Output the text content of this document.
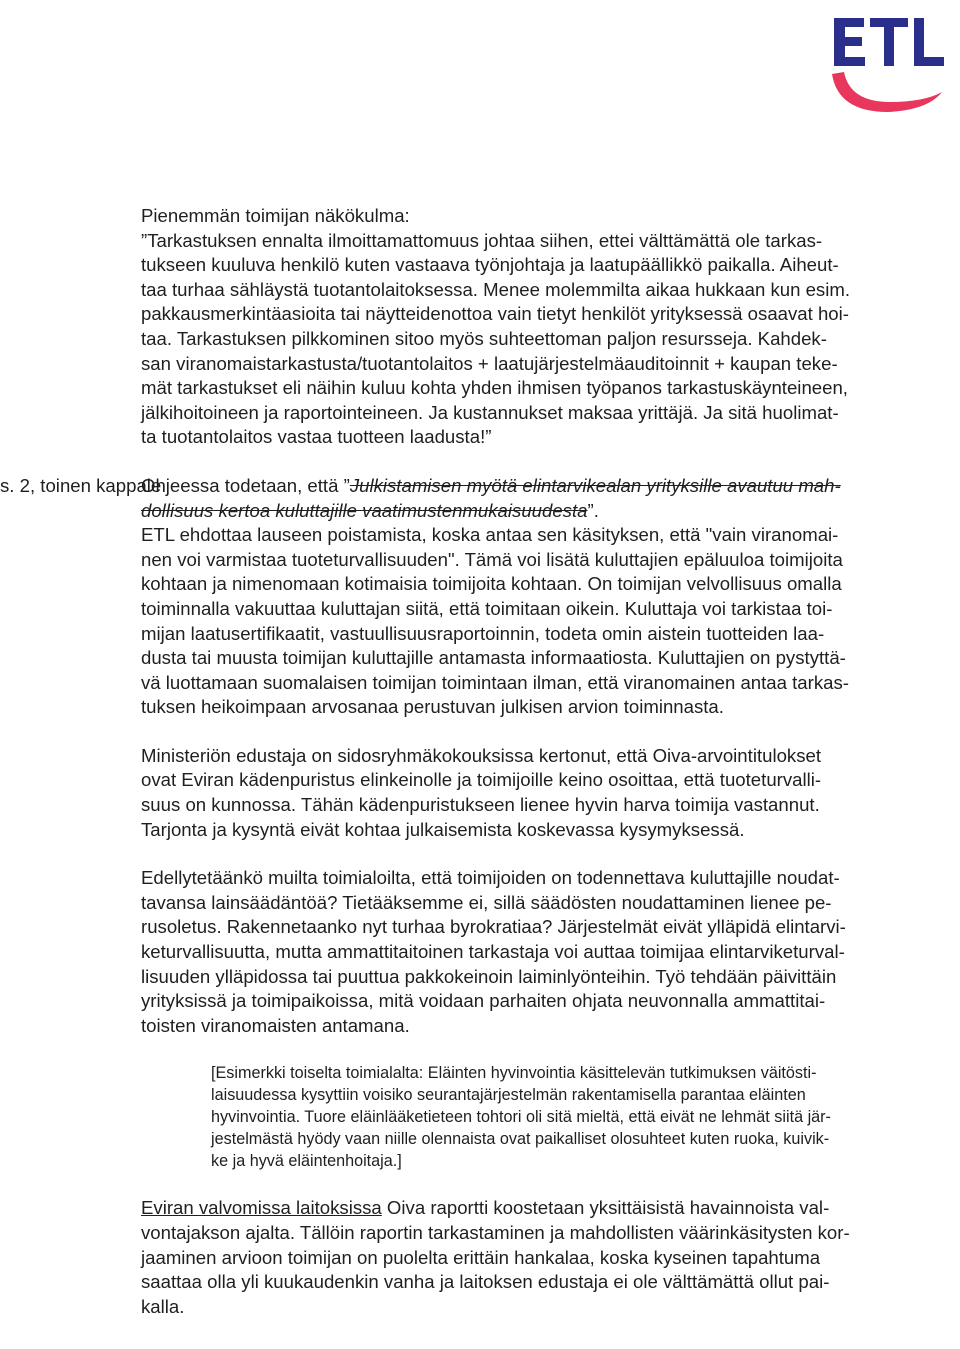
Pienemmän toimijan näkökulma:

”Tarkastuksen ennalta ilmoittamattomuus johtaa siihen, ettei välttämättä ole tarkas-

tukseen kuuluva henkilö kuten vastaava työnjohtaja ja laatupäällikkö paikalla. Aiheut-

taa turhaa sähläystä tuotantolaitoksessa. Menee molemmilta aikaa hukkaan kun esim.

pakkausmerkintäasioita tai näytteidenottoa vain tietyt henkilöt yrityksessä osaavat hoi-

taa. Tarkastuksen pilkkominen sitoo myös suhteettoman paljon resursseja. Kahdek-

san viranomaistarkastusta/tuotantolaitos + laatujärjestelmäauditoinnit + kaupan teke-

mät tarkastukset eli näihin kuluu kohta yhden ihmisen työpanos tarkastuskäynteineen,

jälkihoitoineen ja raportointeineen. Ja kustannukset maksaa yrittäjä. Ja sitä huolimat-

ta tuotantolaitos vastaa tuotteen laadusta!”

s. 2, toinen kappale

Ohjeessa todetaan, että ”Julkistamisen myötä elintarvikealan yrityksille avautuu mah-

dollisuus kertoa kuluttajille vaatimustenmukaisuudesta”.

ETL ehdottaa lauseen poistamista, koska antaa sen käsityksen, että "vain viranomai-

nen voi varmistaa tuoteturvallisuuden". Tämä voi lisätä kuluttajien epäluuloa toimijoita

kohtaan ja nimenomaan kotimaisia toimijoita kohtaan. On toimijan velvollisuus omalla

toiminnalla vakuuttaa kuluttajan siitä, että toimitaan oikein. Kuluttaja voi tarkistaa toi-

mijan laatusertifikaatit, vastuullisuusraportoinnin, todeta omin aistein tuotteiden laa-

dusta tai muusta toimijan kuluttajille antamasta informaatiosta. Kuluttajien on pystyttä-

vä luottamaan suomalaisen toimijan toimintaan ilman, että viranomainen antaa tarkas-

tuksen heikoimpaan arvosanaa perustuvan julkisen arvion toiminnasta.

Ministeriön edustaja on sidosryhmäkokouksissa kertonut, että Oiva-arvointitulokset

ovat Eviran kädenpuristus elinkeinolle ja toimijoille keino osoittaa, että tuoteturvalli-

suus on kunnossa. Tähän kädenpuristukseen lienee hyvin harva toimija vastannut.

Tarjonta ja kysyntä eivät kohtaa julkaisemista koskevassa kysymyksessä.

Edellytetäänkö muilta toimialoilta, että toimijoiden on todennettava kuluttajille noudat-

tavansa lainsäädäntöä? Tietääksemme ei, sillä säädösten noudattaminen lienee pe-

rusoletus. Rakennetaanko nyt turhaa byrokratiaa? Järjestelmät eivät ylläpidä elintarvi-

keturvallisuutta, mutta ammattitaitoinen tarkastaja voi auttaa toimijaa elintarviketurval-

lisuuden ylläpidossa tai puuttua pakkokeinoin laiminlyönteihin. Työ tehdään päivittäin

yrityksissä ja toimipaikoissa, mitä voidaan parhaiten ohjata neuvonnalla ammattitai-

toisten viranomaisten antamana.

[Esimerkki toiselta toimialalta: Eläinten hyvinvointia käsittelevän tutkimuksen väitösti-

laisuudessa kysyttiin voisiko seurantajärjestelmän rakentamisella parantaa eläinten

hyvinvointia. Tuore eläinlääketieteen tohtori oli sitä mieltä, että eivät ne lehmät siitä jär-

jestelmästä hyödy vaan niille olennaista ovat paikalliset olosuhteet kuten ruoka, kuivik-

ke ja hyvä eläintenhoitaja.]

Eviran valvomissa laitoksissa Oiva raportti koostetaan yksittäisistä havainnoista val-

vontajakson ajalta. Tällöin raportin tarkastaminen ja mahdollisten väärinkäsitysten kor-

jaaminen arvioon toimijan on puolelta erittäin hankalaa, koska kyseinen tapahtuma

saattaa olla yli kuukaudenkin vanha ja laitoksen edustaja ei ole välttämättä ollut pai-

kalla.
